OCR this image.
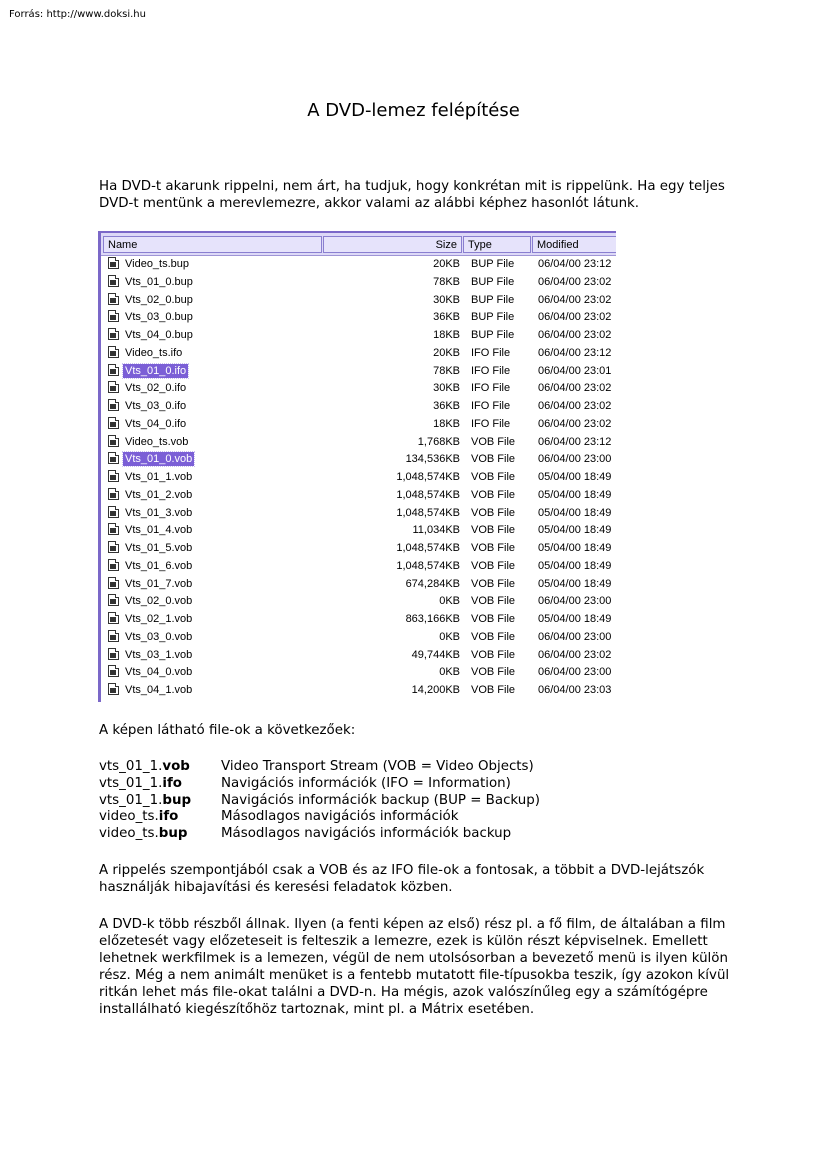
Forrás: http://www.doksi.hu
A DVD-lemez felépítése

Ha DVD-t akarunk rippelni, nem árt, ha tudjuk, hogy konkrétan mit is rippelünk. Ha egy teljes DVD-t mentünk a merevlemezre, akkor valami az alábbi képhez hasonlót látunk.

Name	Size	Type	Modified
Video_ts.bup	20KB BUP File 06/04/00 23:12
Vts_01_0.bup	78KB BUP File 06/04/00 23:02
Vts_02_0.bup	30KB BUP File 06/04/00 23:02
Vts_03_0.bup	36KB BUP File 06/04/00 23:02
Vts_04_0.bup	18KB BUP File 06/04/00 23:02
Video_ts.ifo	20KB IFO File	06/04/00 23:12
Vts_01_0.ifo	78KB IFO File	06/04/00 23:01
Vts_02_0.ifo	30KB IFO File	06/04/00 23:02
Vts_03_0.ifo	36KB IFO File	06/04/00 23:02
Vts_04_0.ifo	18KB IFO File	06/04/00 23:02
Video_ts.vob	1,768KB VOB File 06/04/00 23:12
Vts_01_0.vob	134,536KB VOB File 06/04/00 23:00
Vts_01_1.vob	1,048,574KB VOB File 05/04/00 18:49
Vts_01_2.vob	1,048,574KB VOB File 05/04/00 18:49
Vts_01_3.vob	1,048,574KB VOB File 05/04/00 18:49
Vts_01_4.vob	11,034KB VOB File 05/04/00 18:49
Vts_01_5.vob	1,048,574KB VOB File 05/04/00 18:49
Vts_01_6.vob	1,048,574KB VOB File 05/04/00 18:49
Vts_01_7.vob	674,284KB VOB File 05/04/00 18:49
Vts_02_0.vob	0KB VOB File 06/04/00 23:00
Vts_02_1.vob	863,166KB VOB File 05/04/00 18:49
Vts_03_0.vob	0KB VOB File 06/04/00 23:00
Vts_03_1.vob	49,744KB VOB File 06/04/00 23:02
Vts_04_0.vob	0KB VOB File 06/04/00 23:00
Vts_04_1.vob	14,200KB VOB File 06/04/00 23:03

A képen látható file-ok a következőek:

vts_01_1.vob Video Transport Stream (VOB = Video Objects)
vts_01_1.ifo	Navigációs információk (IFO = Information)
vts_01_1.bup Navigációs információk backup (BUP = Backup)
video_ts.ifo	Másodlagos navigációs információk
video_ts.bup	Másodlagos navigációs információk backup

A rippelés szempontjából csak a VOB és az IFO file-ok a fontosak, a többit a DVD-lejátszók használják hibajavítási és keresési feladatok közben.

A DVD-k több részből állnak. Ilyen (a fenti képen az első) rész pl. a fő film, de általában a film előzetesét vagy előzeteseit is felteszik a lemezre, ezek is külön részt képviselnek. Emellett lehetnek werkfilmek is a lemezen, végül de nem utolsósorban a bevezető menü is ilyen külön rész. Még a nem animált menüket is a fentebb mutatott file-típusokba teszik, így azokon kívül ritkán lehet más file-okat találni a DVD-n. Ha mégis, azok valószínűleg egy a számítógépre installálható kiegészítőhöz tartoznak, mint pl. a Mátrix esetében.
